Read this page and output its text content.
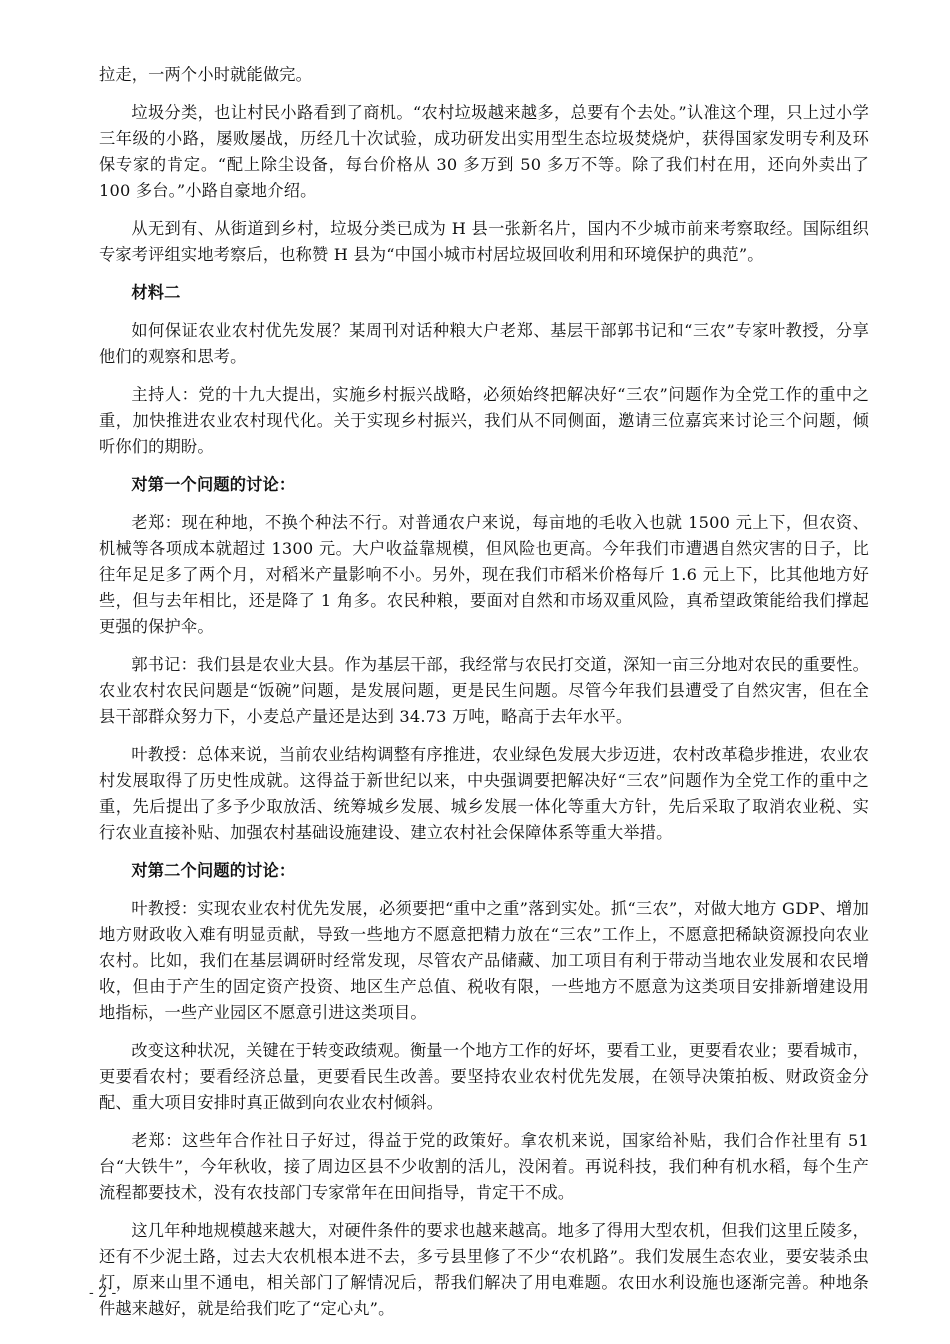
拉走，一两个小时就能做完。

垃圾分类，也让村民小路看到了商机。“农村垃圾越来越多，总要有个去处。”认准这个理，只上过小学三年级的小路，屡败屡战，历经几十次试验，成功研发出实用型生态垃圾焚烧炉，获得国家发明专利及环保专家的肯定。“配上除尘设备，每台价格从 30 多万到 50 多万不等。除了我们村在用，还向外卖出了 100 多台。”小路自豪地介绍。

从无到有、从街道到乡村，垃圾分类已成为 H 县一张新名片，国内不少城市前来考察取经。国际组织专家考评组实地考察后，也称赞 H 县为“中国小城市村居垃圾回收利用和环境保护的典范”。

材料二

如何保证农业农村优先发展？某周刊对话种粮大户老郑、基层干部郭书记和“三农”专家叶教授，分享他们的观察和思考。

主持人：党的十九大提出，实施乡村振兴战略，必须始终把解决好“三农”问题作为全党工作的重中之重，加快推进农业农村现代化。关于实现乡村振兴，我们从不同侧面，邀请三位嘉宾来讨论三个问题，倾听你们的期盼。

对第一个问题的讨论：

老郑：现在种地，不换个种法不行。对普通农户来说，每亩地的毛收入也就 1500 元上下，但农资、机械等各项成本就超过 1300 元。大户收益靠规模，但风险也更高。今年我们市遭遇自然灾害的日子，比往年足足多了两个月，对稻米产量影响不小。另外，现在我们市稻米价格每斤 1.6 元上下，比其他地方好些，但与去年相比，还是降了 1 角多。农民种粮，要面对自然和市场双重风险，真希望政策能给我们撑起更强的保护伞。

郭书记：我们县是农业大县。作为基层干部，我经常与农民打交道，深知一亩三分地对农民的重要性。农业农村农民问题是“饭碗”问题，是发展问题，更是民生问题。尽管今年我们县遭受了自然灾害，但在全县干部群众努力下，小麦总产量还是达到 34.73 万吨，略高于去年水平。

叶教授：总体来说，当前农业结构调整有序推进，农业绿色发展大步迈进，农村改革稳步推进，农业农村发展取得了历史性成就。这得益于新世纪以来，中央强调要把解决好“三农”问题作为全党工作的重中之重，先后提出了多予少取放活、统筹城乡发展、城乡发展一体化等重大方针，先后采取了取消农业税、实行农业直接补贴、加强农村基础设施建设、建立农村社会保障体系等重大举措。

对第二个问题的讨论：

叶教授：实现农业农村优先发展，必须要把“重中之重”落到实处。抓“三农”，对做大地方 GDP、增加地方财政收入难有明显贡献，导致一些地方不愿意把精力放在“三农”工作上，不愿意把稀缺资源投向农业农村。比如，我们在基层调研时经常发现，尽管农产品储藏、加工项目有利于带动当地农业发展和农民增收，但由于产生的固定资产投资、地区生产总值、税收有限，一些地方不愿意为这类项目安排新增建设用地指标，一些产业园区不愿意引进这类项目。

改变这种状况，关键在于转变政绩观。衡量一个地方工作的好坏，要看工业，更要看农业；要看城市，更要看农村；要看经济总量，更要看民生改善。要坚持农业农村优先发展，在领导决策拍板、财政资金分配、重大项目安排时真正做到向农业农村倾斜。

老郑：这些年合作社日子好过，得益于党的政策好。拿农机来说，国家给补贴，我们合作社里有 51 台“大铁牛”，今年秋收，接了周边区县不少收割的活儿，没闲着。再说科技，我们种有机水稻，每个生产流程都要技术，没有农技部门专家常年在田间指导，肯定干不成。

这几年种地规模越来越大，对硬件条件的要求也越来越高。地多了得用大型农机，但我们这里丘陵多，还有不少泥土路，过去大农机根本进不去，多亏县里修了不少“农机路”。我们发展生态农业，要安装杀虫灯，原来山里不通电，相关部门了解情况后，帮我们解决了用电难题。农田水利设施也逐渐完善。种地条件越来越好，就是给我们吃了“定心丸”。

- 2 -
